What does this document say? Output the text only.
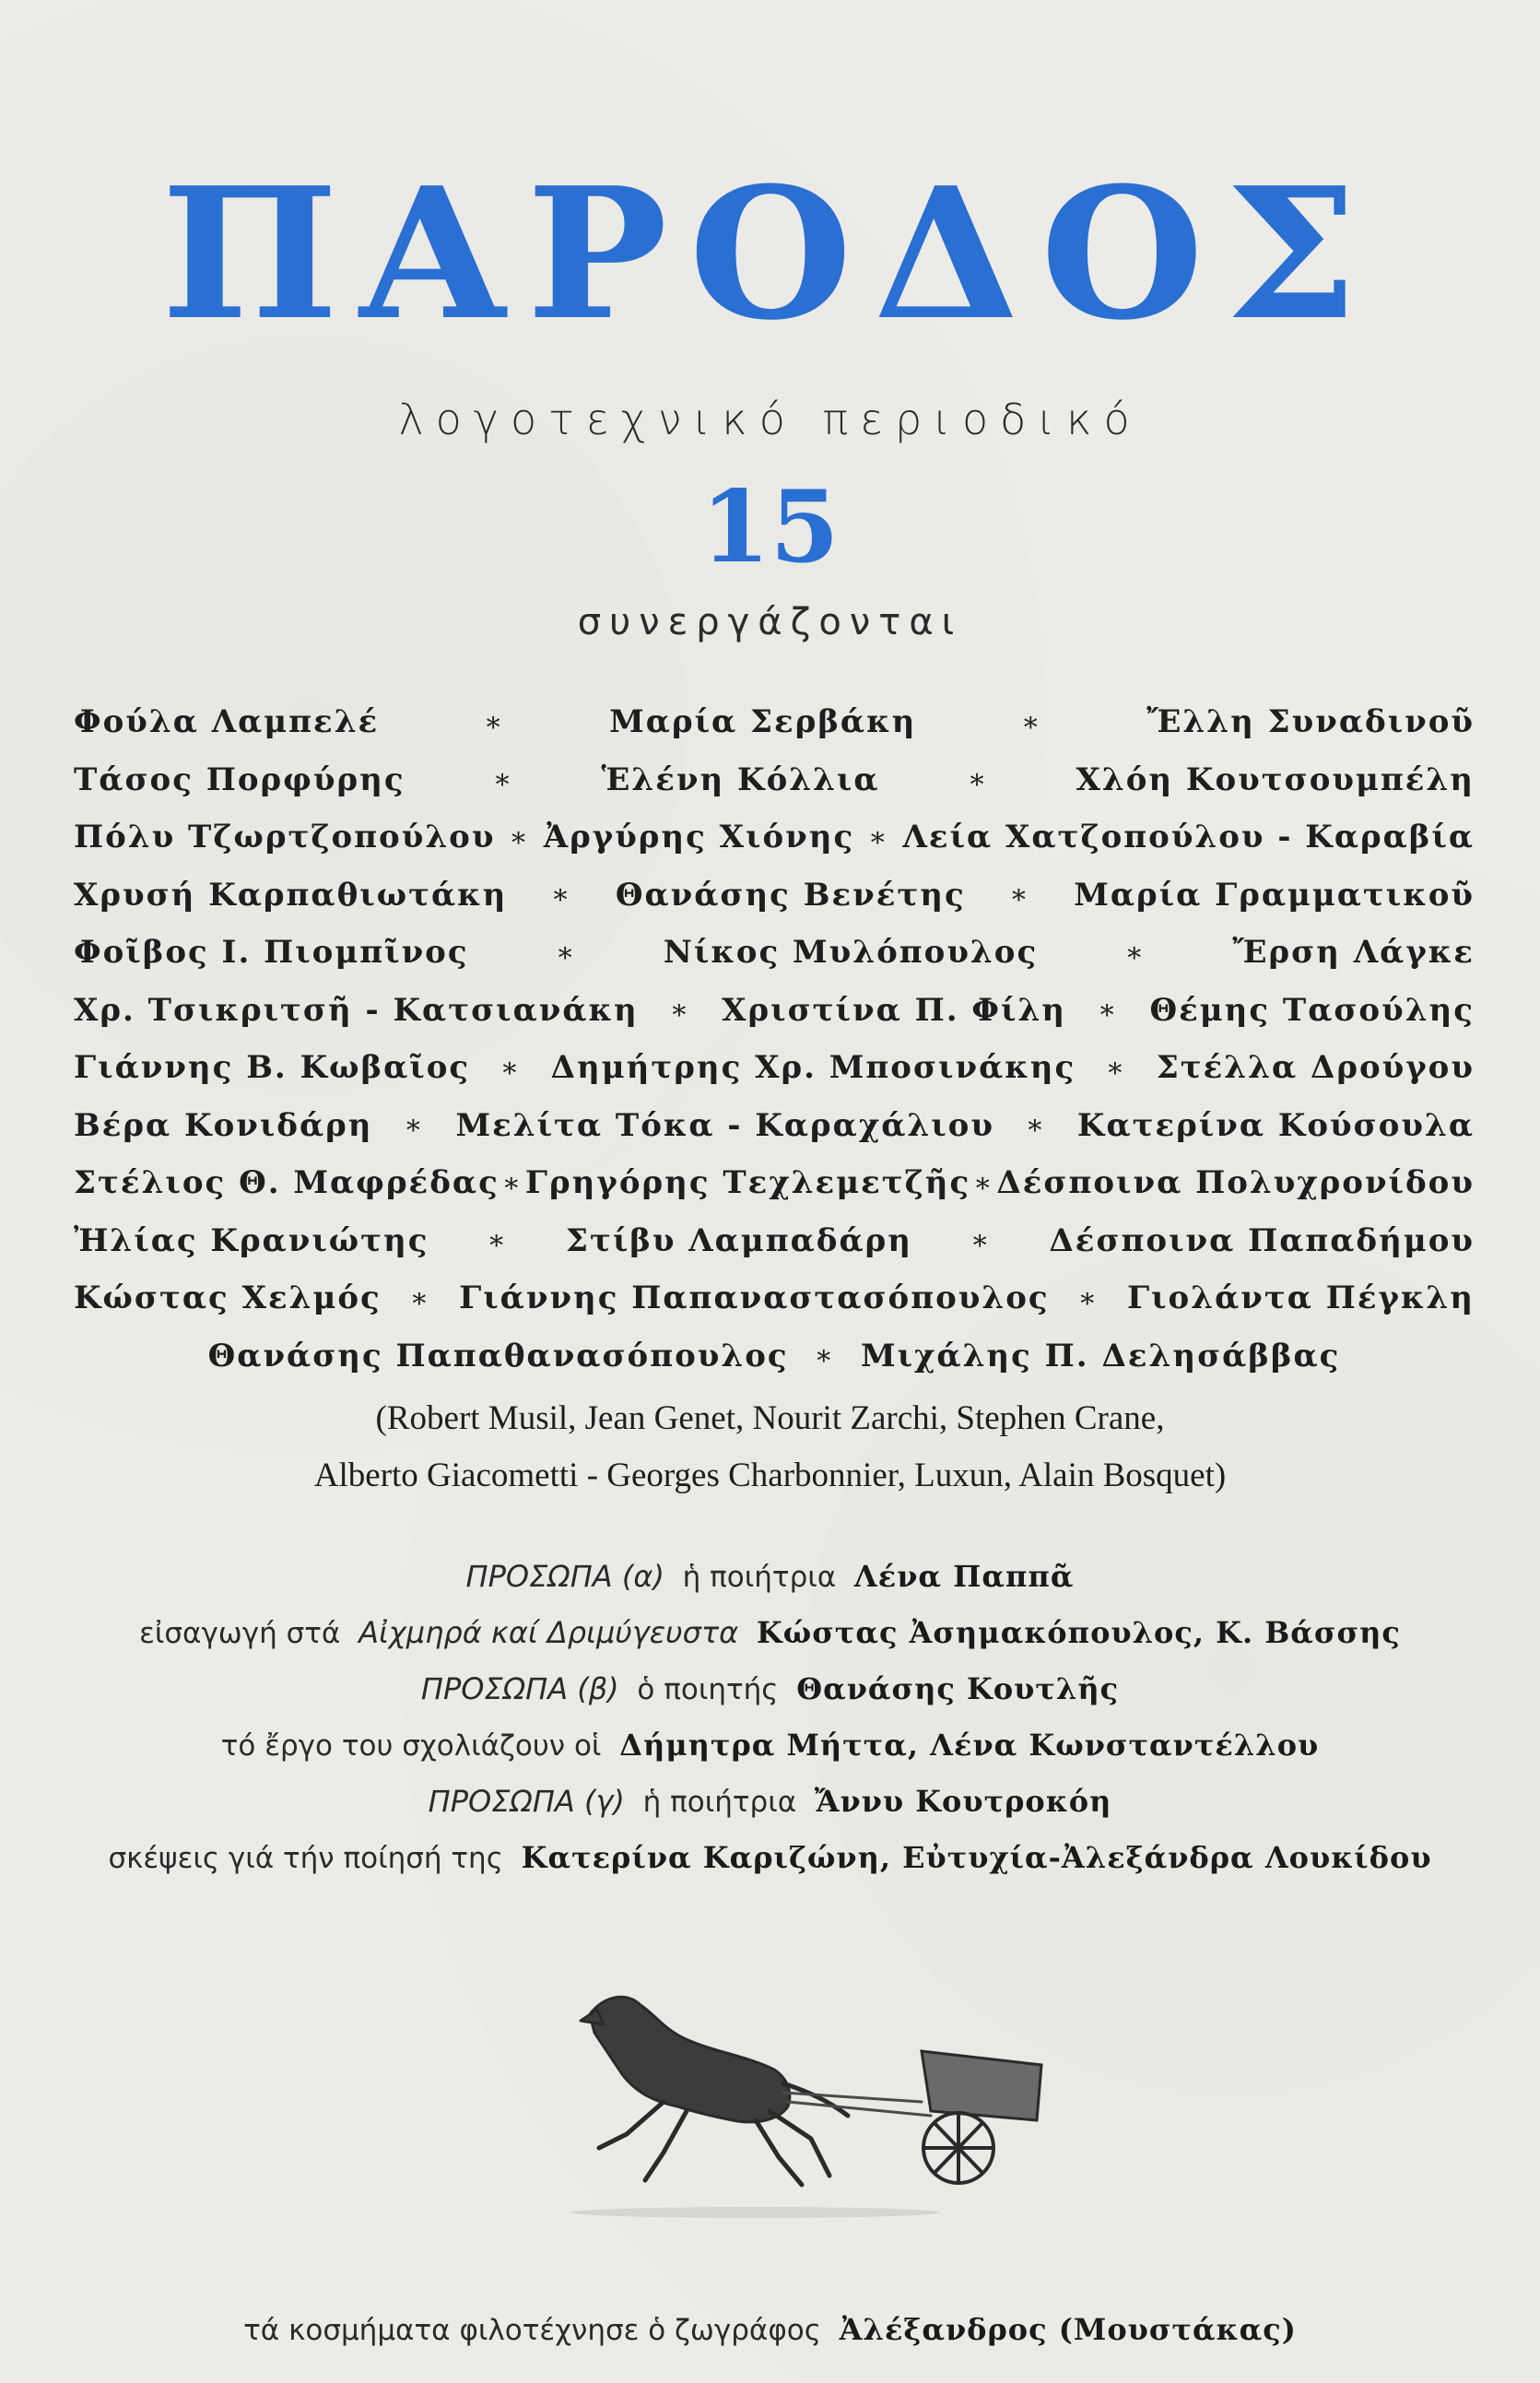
ΠΑΡΟΔΟΣ
λογοτεχνικό περιοδικό
15
συνεργάζονται
Φούλα Λαμπελέ	∗	Μαρία Σερβάκη	∗	Ἔλλη Συναδινοῦ
Τάσος Πορφύρης	∗	Ἑλένη Κόλλια	∗	Χλόη Κουτσουμπέλη
Πόλυ Τζωρτζοπούλου ∗ Ἀργύρης Χιόνης ∗ Λεία Χατζοπούλου - Καραβία
Χρυσή Καρπαθιωτάκη ∗ Θανάσης Βενέτης ∗ Μαρία Γραμματικοῦ
Φοῖβος Ι. Πιομπῖνος	∗	Νίκος Μυλόπουλος	∗	Ἔρση Λάγκε
Χρ. Τσικριτσῆ - Κατσιανάκη ∗ Χριστίνα Π. Φίλη ∗ Θέμης Τασούλης
Γιάννης Β. Κωβαῖος ∗ Δημήτρης Χρ. Μποσινάκης ∗ Στέλλα Δρούγου
Βέρα Κονιδάρη ∗ Μελίτα Τόκα - Καραχάλιου ∗ Κατερίνα Κούσουλα
Στέλιος Θ. Μαφρέδας ∗ Γρηγόρης Τεχλεμετζῆς ∗ Δέσποινα Πολυχρονίδου
Ἠλίας Κρανιώτης ∗ Στίβυ Λαμπαδάρη ∗ Δέσποινα Παπαδήμου
Κώστας Χελμός ∗ Γιάννης Παπαναστασόπουλος ∗ Γιολάντα Πέγκλη
Θανάσης Παπαθανασόπουλος ∗ Μιχάλης Π. Δελησάββας
(Robert Musil, Jean Genet, Nourit Zarchi, Stephen Crane,
Alberto Giacometti - Georges Charbonnier, Luxun, Alain Bosquet)
ΠΡΟΣΩΠΑ (α) ἡ ποιήτρια Λένα Παππᾶ
εἰσαγωγή στά Αἰχμηρά καί Δριμύγευστα Κώστας Ἀσημακόπουλος, Κ. Βάσσης
ΠΡΟΣΩΠΑ (β) ὁ ποιητής Θανάσης Κουτλῆς
τό ἔργο του σχολιάζουν οἱ Δήμητρα Μήττα, Λένα Κωνσταντέλλου
ΠΡΟΣΩΠΑ (γ) ἡ ποιήτρια Ἄννυ Κουτροκόη
σκέψεις γιά τήν ποίησή της Κατερίνα Καριζώνη, Εὐτυχία-Ἀλεξάνδρα Λουκίδου
τά κοσμήματα φιλοτέχνησε ὁ ζωγράφος Ἀλέξανδρος (Μουστάκας)
